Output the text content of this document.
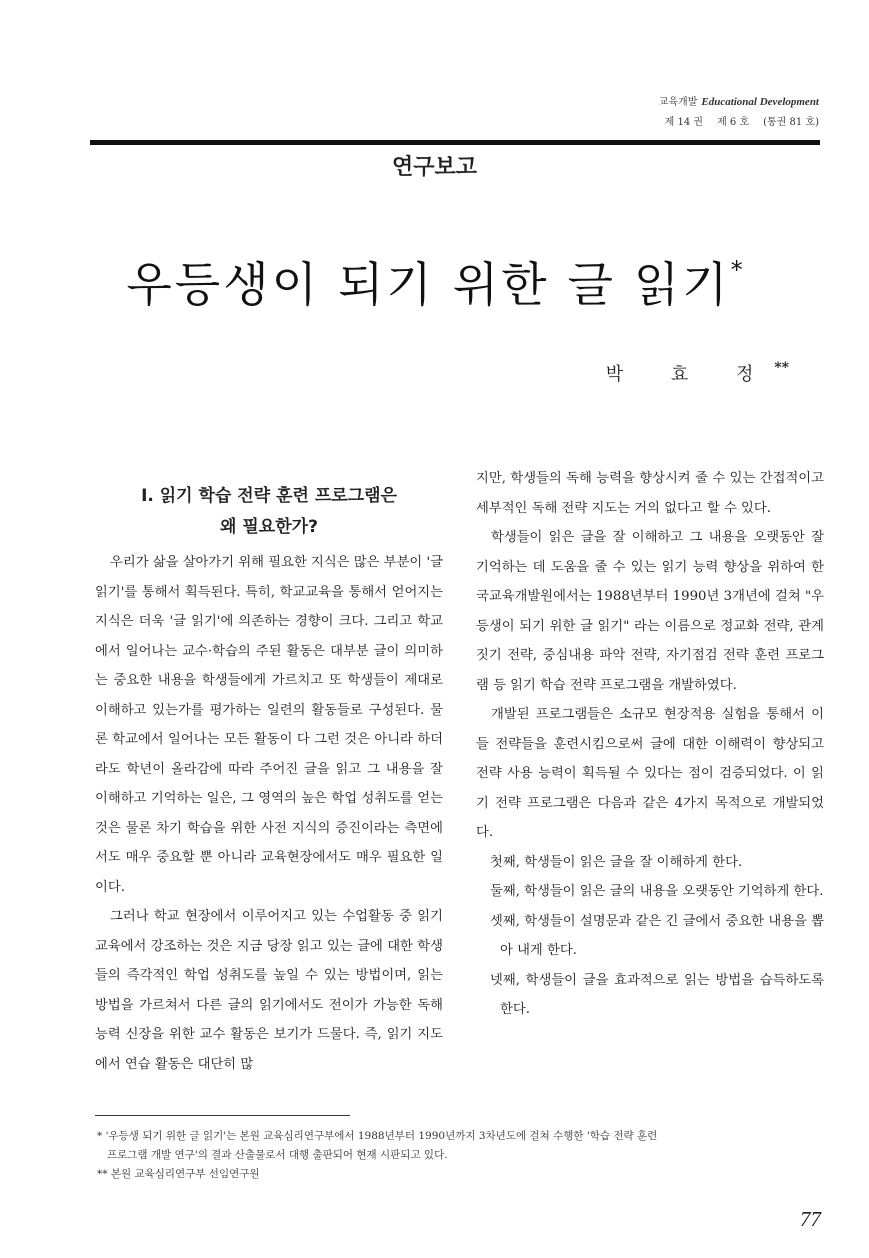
교육개발 Educational Development
제 14 권 제 6 호 (통권 81 호)
연구보고
우등생이 되기 위한 글 읽기*
박 효 정**
Ⅰ. 읽기 학습 전략 훈련 프로그램은
왜 필요한가?

우리가 삶을 살아가기 위해 필요한 지식은 많은 부분이 '글 읽기'를 통해서 획득된다. 특히, 학교교육을 통해서 얻어지는 지식은 더욱 '글 읽기'에 의존하는 경향이 크다. 그리고 학교에서 일어나는 교수·학습의 주된 활동은 대부분 글이 의미하는 중요한 내용을 학생들에게 가르치고 또 학생들이 제대로 이해하고 있는가를 평가하는 일련의 활동들로 구성된다. 물론 학교에서 일어나는 모든 활동이 다 그런 것은 아니라 하더라도 학년이 올라감에 따라 주어진 글을 읽고 그 내용을 잘 이해하고 기억하는 일은, 그 영역의 높은 학업 성취도를 얻는 것은 물론 차기 학습을 위한 사전 지식의 증진이라는 측면에서도 매우 중요할 뿐 아니라 교육현장에서도 매우 필요한 일이다.

그러나 학교 현장에서 이루어지고 있는 수업활동 중 읽기 교육에서 강조하는 것은 지금 당장 읽고 있는 글에 대한 학생들의 즉각적인 학업 성취도를 높일 수 있는 방법이며, 읽는 방법을 가르쳐서 다른 글의 읽기에서도 전이가 가능한 독해 능력 신장을 위한 교수 활동은 보기가 드물다. 즉, 읽기 지도에서 연습 활동은 대단히 많

지만, 학생들의 독해 능력을 향상시켜 줄 수 있는 간접적이고 세부적인 독해 전략 지도는 거의 없다고 할 수 있다.

학생들이 읽은 글을 잘 이해하고 그 내용을 오랫동안 잘 기억하는 데 도움을 줄 수 있는 읽기 능력 향상을 위하여 한국교육개발원에서는 1988년부터 1990년 3개년에 걸쳐 "우등생이 되기 위한 글 읽기" 라는 이름으로 정교화 전략, 관계짓기 전략, 중심내용 파악 전략, 자기점검 전략 훈련 프로그램 등 읽기 학습 전략 프로그램을 개발하였다.

개발된 프로그램들은 소규모 현장적용 실험을 통해서 이들 전략들을 훈련시킴으로써 글에 대한 이해력이 향상되고 전략 사용 능력이 획득될 수 있다는 점이 검증되었다. 이 읽기 전략 프로그램은 다음과 같은 4가지 목적으로 개발되었다.

첫째, 학생들이 읽은 글을 잘 이해하게 한다.

둘째, 학생들이 읽은 글의 내용을 오랫동안 기억하게 한다.

셋째, 학생들이 설명문과 같은 긴 글에서 중요한 내용을 뽑아 내게 한다.

넷째, 학생들이 글을 효과적으로 읽는 방법을 습득하도록 한다.

* '우등생 되기 위한 글 읽기'는 본원 교육심리연구부에서 1988년부터 1990년까지 3차년도에 걸쳐 수행한 '학습 전략 훈련

프로그램 개발 연구'의 결과 산출물로서 대행 출판되어 현재 시판되고 있다.

** 본원 교육심리연구부 선임연구원

77
